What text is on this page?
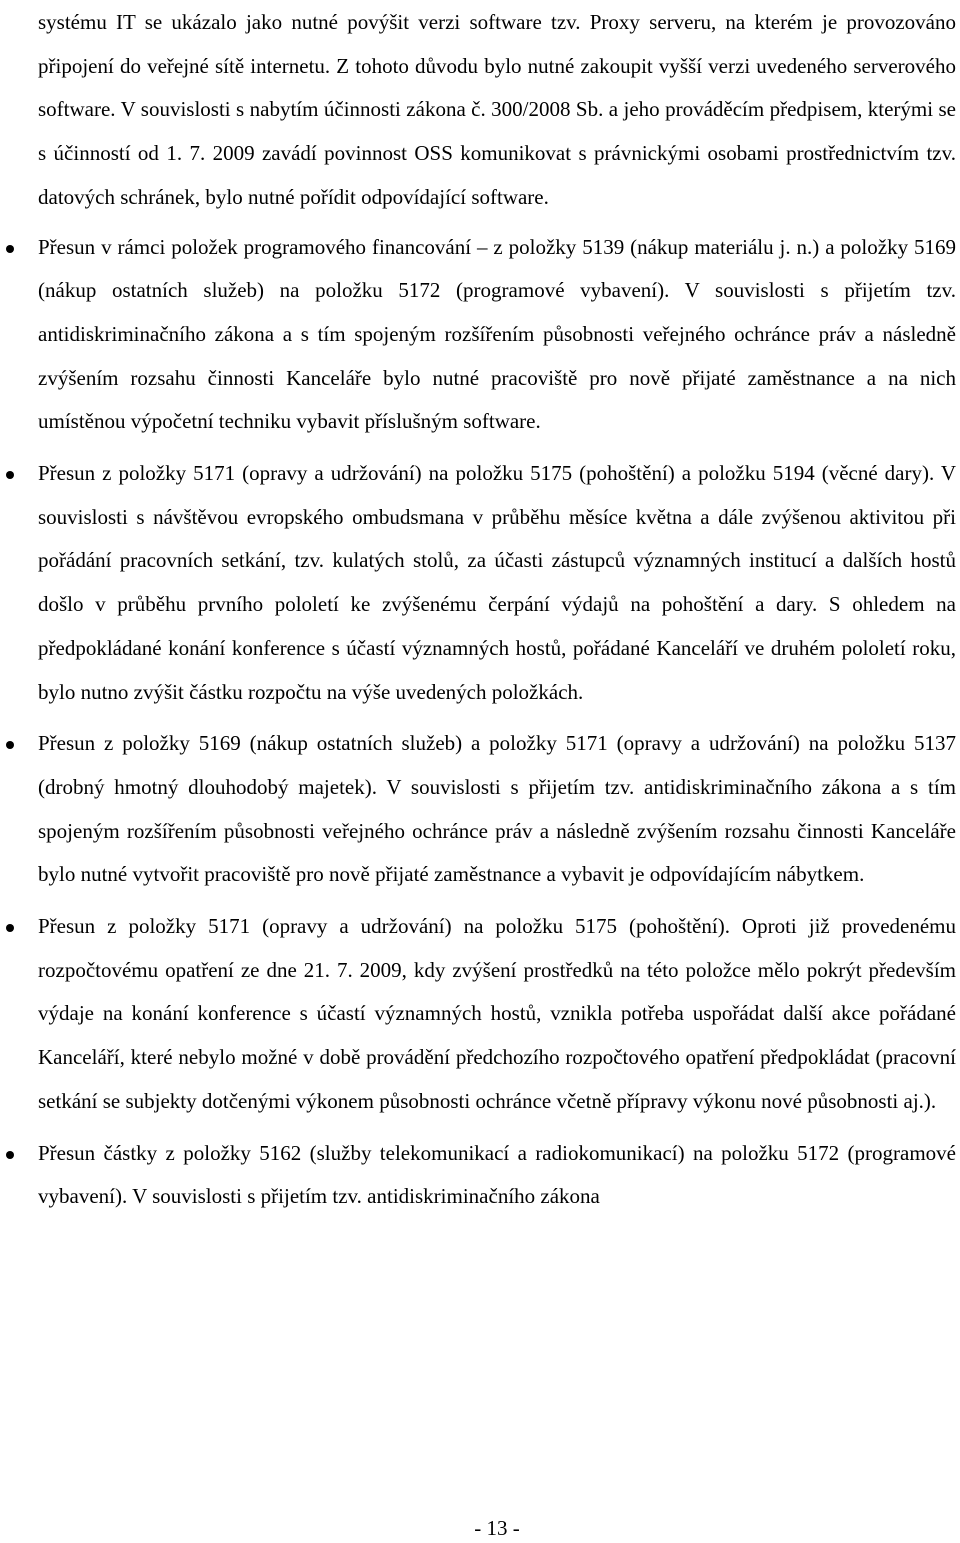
systému IT se ukázalo jako nutné povýšit verzi software tzv. Proxy serveru, na kterém je provozováno připojení do veřejné sítě internetu. Z tohoto důvodu bylo nutné zakoupit vyšší verzi uvedeného serverového software. V souvislosti s nabytím účinnosti zákona č. 300/2008 Sb. a jeho prováděcím předpisem, kterými se s účinností od 1. 7. 2009 zavádí povinnost OSS komunikovat s právnickými osobami prostřednictvím tzv. datových schránek, bylo nutné pořídit odpovídající software.

Přesun v rámci položek programového financování – z položky 5139 (nákup materiálu j. n.) a položky 5169 (nákup ostatních služeb) na položku 5172 (programové vybavení). V souvislosti s přijetím tzv. antidiskriminačního zákona a s tím spojeným rozšířením působnosti veřejného ochránce práv a následně zvýšením rozsahu činnosti Kanceláře bylo nutné pracoviště pro nově přijaté zaměstnance a na nich umístěnou výpočetní techniku vybavit příslušným software.
Přesun z položky 5171 (opravy a udržování) na položku 5175 (pohoštění) a položku 5194 (věcné dary). V souvislosti s návštěvou evropského ombudsmana v průběhu měsíce května a dále zvýšenou aktivitou při pořádání pracovních setkání, tzv. kulatých stolů, za účasti zástupců významných institucí a dalších hostů došlo v průběhu prvního pololetí ke zvýšenému čerpání výdajů na pohoštění a dary. S ohledem na předpokládané konání konference s účastí významných hostů, pořádané Kanceláří ve druhém pololetí roku, bylo nutno zvýšit částku rozpočtu na výše uvedených položkách.
Přesun z položky 5169 (nákup ostatních služeb) a položky 5171 (opravy a udržování) na položku 5137 (drobný hmotný dlouhodobý majetek). V souvislosti s přijetím tzv. antidiskriminačního zákona a s tím spojeným rozšířením působnosti veřejného ochránce práv a následně zvýšením rozsahu činnosti Kanceláře bylo nutné vytvořit pracoviště pro nově přijaté zaměstnance a vybavit je odpovídajícím nábytkem.
Přesun z položky 5171 (opravy a udržování) na položku 5175 (pohoštění). Oproti již provedenému rozpočtovému opatření ze dne 21. 7. 2009, kdy zvýšení prostředků na této položce mělo pokrýt především výdaje na konání konference s účastí významných hostů, vznikla potřeba uspořádat další akce pořádané Kanceláří, které nebylo možné v době provádění předchozího rozpočtového opatření předpokládat (pracovní setkání se subjekty dotčenými výkonem působnosti ochránce včetně přípravy výkonu nové působnosti aj.).
Přesun částky z položky 5162 (služby telekomunikací a radiokomunikací) na položku 5172 (programové vybavení). V souvislosti s přijetím tzv. antidiskriminačního zákona
- 13 -
